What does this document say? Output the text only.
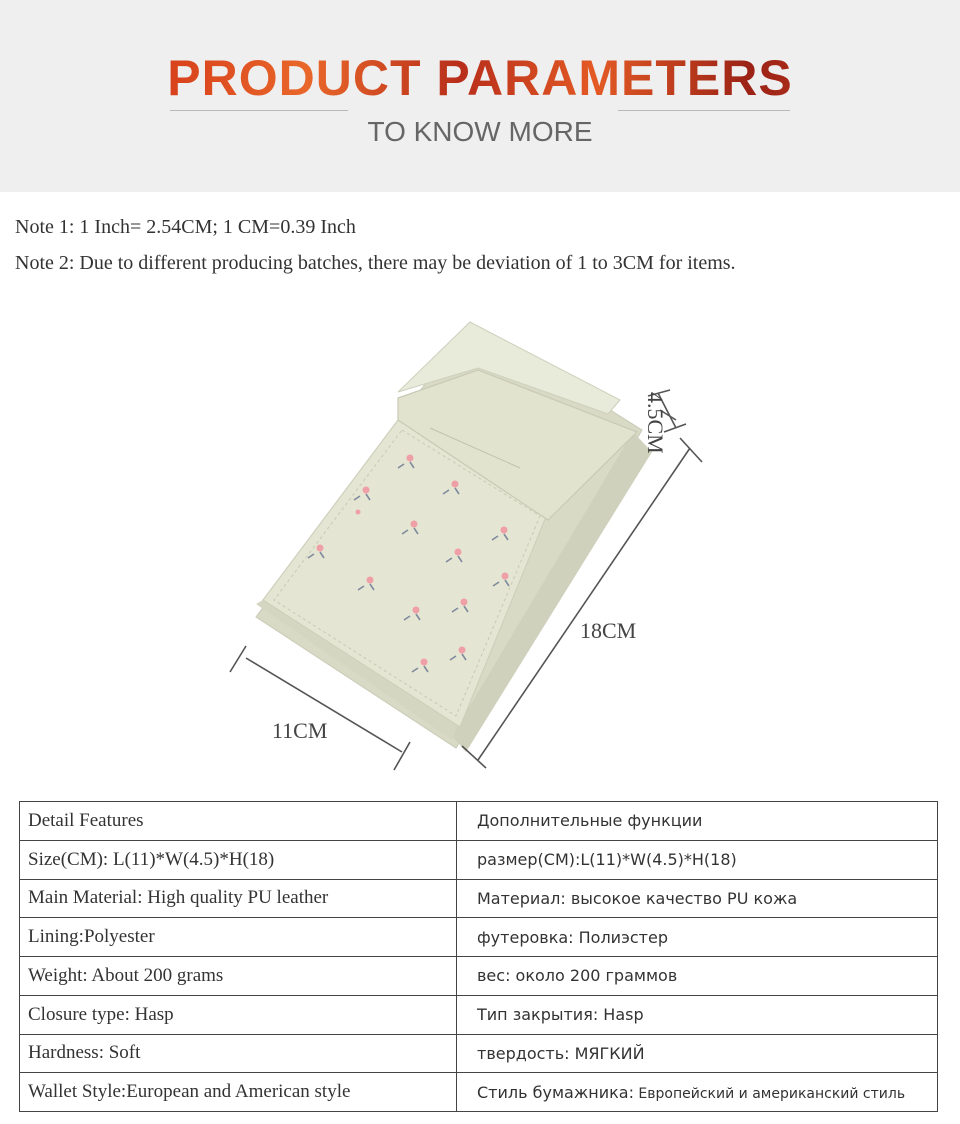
PRODUCT PARAMETERS
TO KNOW MORE
Note 1: 1 Inch= 2.54CM; 1 CM=0.39 Inch
Note 2: Due to different producing batches, there may be deviation of 1 to 3CM for items.
11CM
18CM
4.5CM
Detail Features	Дополнительные функции
Size(CM): L(11)*W(4.5)*H(18)	размер(CM):L(11)*W(4.5)*H(18)
Main Material: High quality PU leather	Материал: высокое качество PU кожа
Lining:Polyester	футеровка: Полиэстер
Weight: About 200 grams	вес: около 200 граммов
Closure type: Hasp	Тип закрытия: Hasp
Hardness: Soft	твердость: МЯГКИЙ
Wallet Style:European and American style	Стиль бумажника: Европейский и американский стиль
